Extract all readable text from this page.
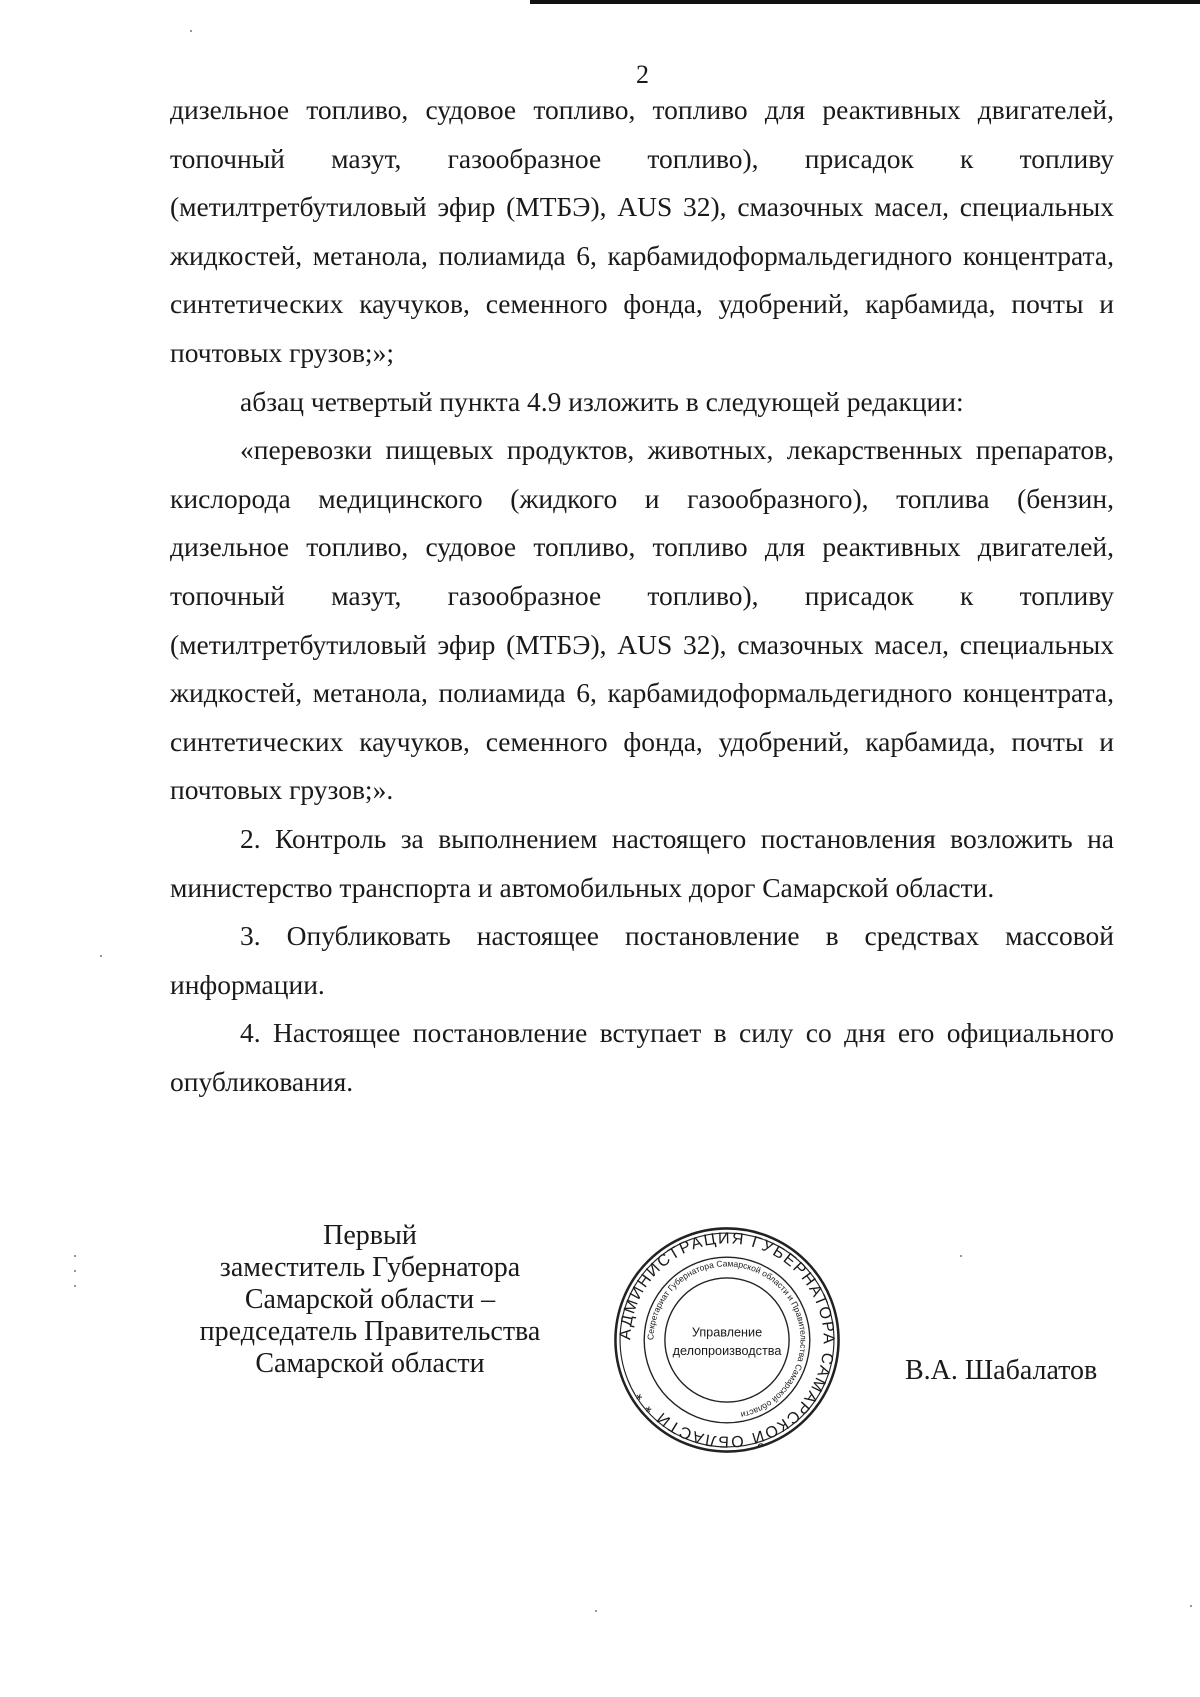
2

дизельное топливо, судовое топливо, топливо для реактивных двигателей, топочный мазут, газообразное топливо), присадок к топливу (метилтретбутиловый эфир (МТБЭ), AUS 32), смазочных масел, специальных жидкостей, метанола, полиамида 6, карбамидоформальдегидного концентрата, синтетических каучуков, семенного фонда, удобрений, карбамида, почты и почтовых грузов;»;

абзац четвертый пункта 4.9 изложить в следующей редакции:

«перевозки пищевых продуктов, животных, лекарственных препаратов, кислорода медицинского (жидкого и газообразного), топлива (бензин, дизельное топливо, судовое топливо, топливо для реактивных двигателей, топочный мазут, газообразное топливо), присадок к топливу (метилтретбутиловый эфир (МТБЭ), AUS 32), смазочных масел, специальных жидкостей, метанола, полиамида 6, карбамидоформальдегидного концентрата, синтетических каучуков, семенного фонда, удобрений, карбамида, почты и почтовых грузов;».

2. Контроль за выполнением настоящего постановления возложить на министерство транспорта и автомобильных дорог Самарской области.

3. Опубликовать настоящее постановление в средствах массовой информации.

4. Настоящее постановление вступает в силу со дня его официального опубликования.

Первый
заместитель Губернатора
Самарской области –
председатель Правительства
Самарской области
АДМИНИСТРАЦИЯ ГУБЕРНАТОРА САМАРСКОЙ ОБЛАСТИ * *
Секретариат Губернатора Самарской области и Правительства Самарской области
Управление
делопроизводства
В.А. Шабалатов
